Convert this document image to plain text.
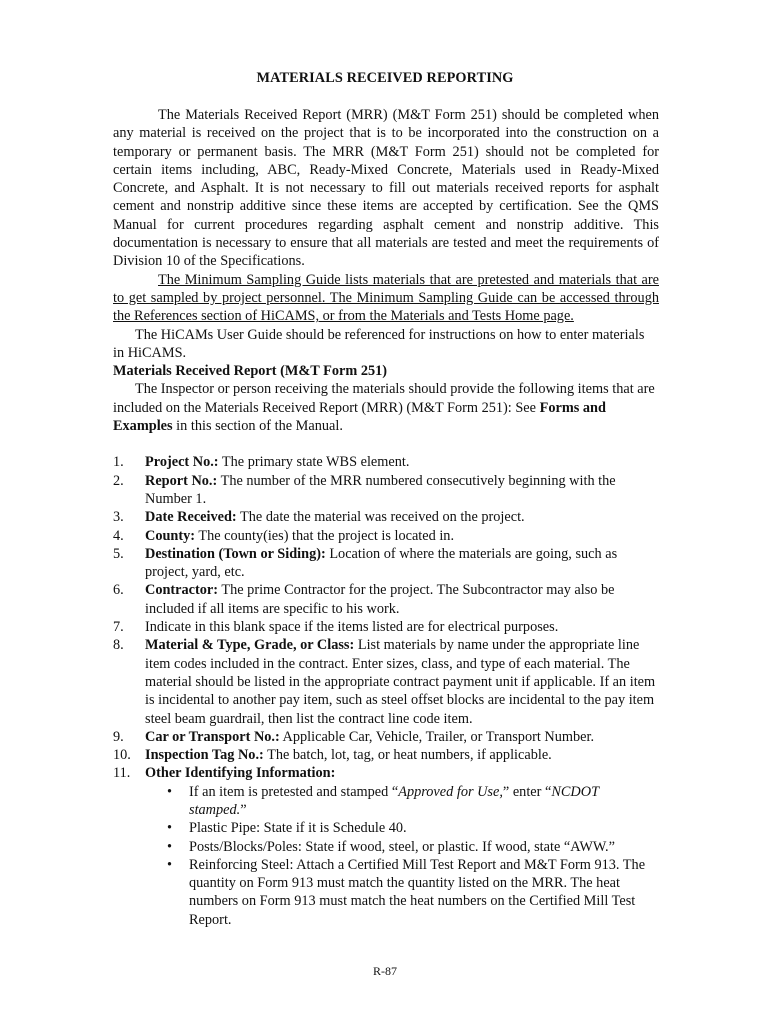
MATERIALS RECEIVED REPORTING

The Materials Received Report (MRR) (M&T Form 251) should be completed when any material is received on the project that is to be incorporated into the construction on a temporary or permanent basis. The MRR (M&T Form 251) should not be completed for certain items including, ABC, Ready-Mixed Concrete, Materials used in Ready-Mixed Concrete, and Asphalt. It is not necessary to fill out materials received reports for asphalt cement and nonstrip additive since these items are accepted by certification. See the QMS Manual for current procedures regarding asphalt cement and nonstrip additive. This documentation is necessary to ensure that all materials are tested and meet the requirements of Division 10 of the Specifications.

The Minimum Sampling Guide lists materials that are pretested and materials that are to get sampled by project personnel. The Minimum Sampling Guide can be accessed through the References section of HiCAMS, or from the Materials and Tests Home page.

The HiCAMs User Guide should be referenced for instructions on how to enter materials in HiCAMS.

Materials Received Report (M&T Form 251)

The Inspector or person receiving the materials should provide the following items that are included on the Materials Received Report (MRR) (M&T Form 251): See Forms and Examples in this section of the Manual.

1. Project No.: The primary state WBS element.
2. Report No.: The number of the MRR numbered consecutively beginning with the Number 1.
3. Date Received: The date the material was received on the project.
4. County: The county(ies) that the project is located in.
5. Destination (Town or Siding): Location of where the materials are going, such as project, yard, etc.
6. Contractor: The prime Contractor for the project. The Subcontractor may also be included if all items are specific to his work.
7. Indicate in this blank space if the items listed are for electrical purposes.
8. Material & Type, Grade, or Class: List materials by name under the appropriate line item codes included in the contract. Enter sizes, class, and type of each material. The material should be listed in the appropriate contract payment unit if applicable. If an item is incidental to another pay item, such as steel offset blocks are incidental to the pay item steel beam guardrail, then list the contract line code item.
9. Car or Transport No.: Applicable Car, Vehicle, Trailer, or Transport Number.
10. Inspection Tag No.: The batch, lot, tag, or heat numbers, if applicable.
11. Other Identifying Information:
• If an item is pretested and stamped “Approved for Use,” enter “NCDOT stamped.”
• Plastic Pipe: State if it is Schedule 40.
• Posts/Blocks/Poles: State if wood, steel, or plastic. If wood, state “AWW.”
• Reinforcing Steel: Attach a Certified Mill Test Report and M&T Form 913. The quantity on Form 913 must match the quantity listed on the MRR. The heat numbers on Form 913 must match the heat numbers on the Certified Mill Test Report.
R-87
